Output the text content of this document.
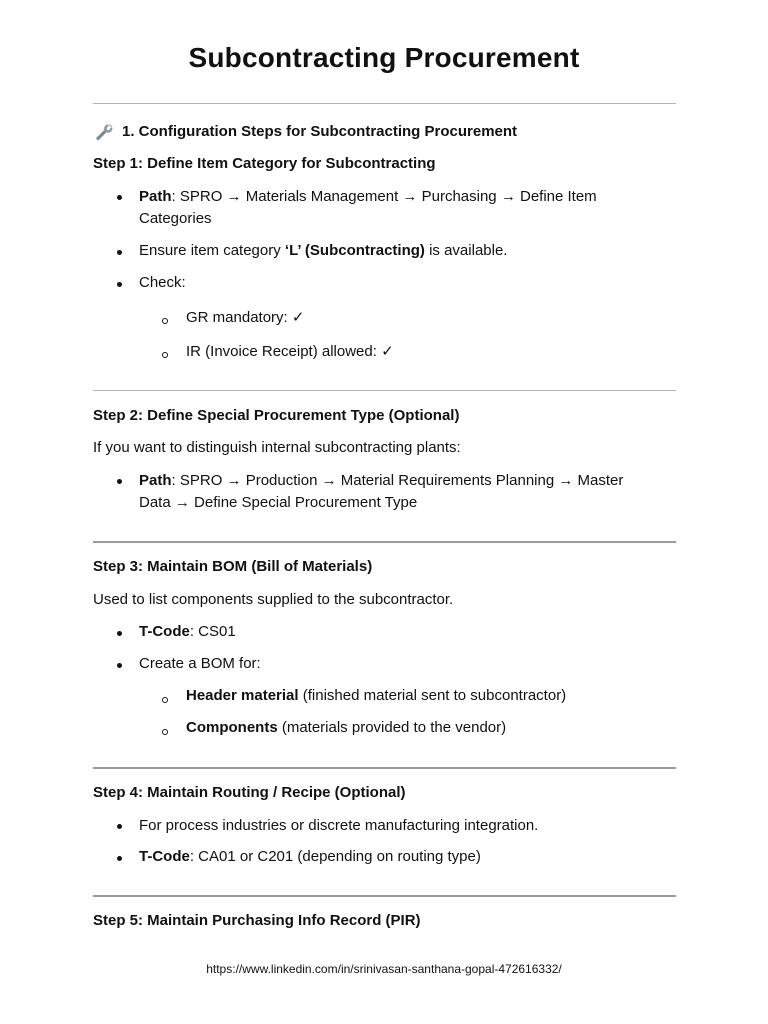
Subcontracting Procurement
1. Configuration Steps for Subcontracting Procurement
Step 1: Define Item Category for Subcontracting
Path: SPRO → Materials Management → Purchasing → Define Item
Categories
Ensure item category ‘L’ (Subcontracting) is available.
Check:
GR mandatory: ✓
IR (Invoice Receipt) allowed: ✓
Step 2: Define Special Procurement Type (Optional)
If you want to distinguish internal subcontracting plants:
Path: SPRO → Production → Material Requirements Planning → Master
Data → Define Special Procurement Type
Step 3: Maintain BOM (Bill of Materials)
Used to list components supplied to the subcontractor.
T-Code: CS01
Create a BOM for:
Header material (finished material sent to subcontractor)
Components (materials provided to the vendor)
Step 4: Maintain Routing / Recipe (Optional)
For process industries or discrete manufacturing integration.
T-Code: CA01 or C201 (depending on routing type)
Step 5: Maintain Purchasing Info Record (PIR)
https://www.linkedin.com/in/srinivasan-santhana-gopal-472616332/
